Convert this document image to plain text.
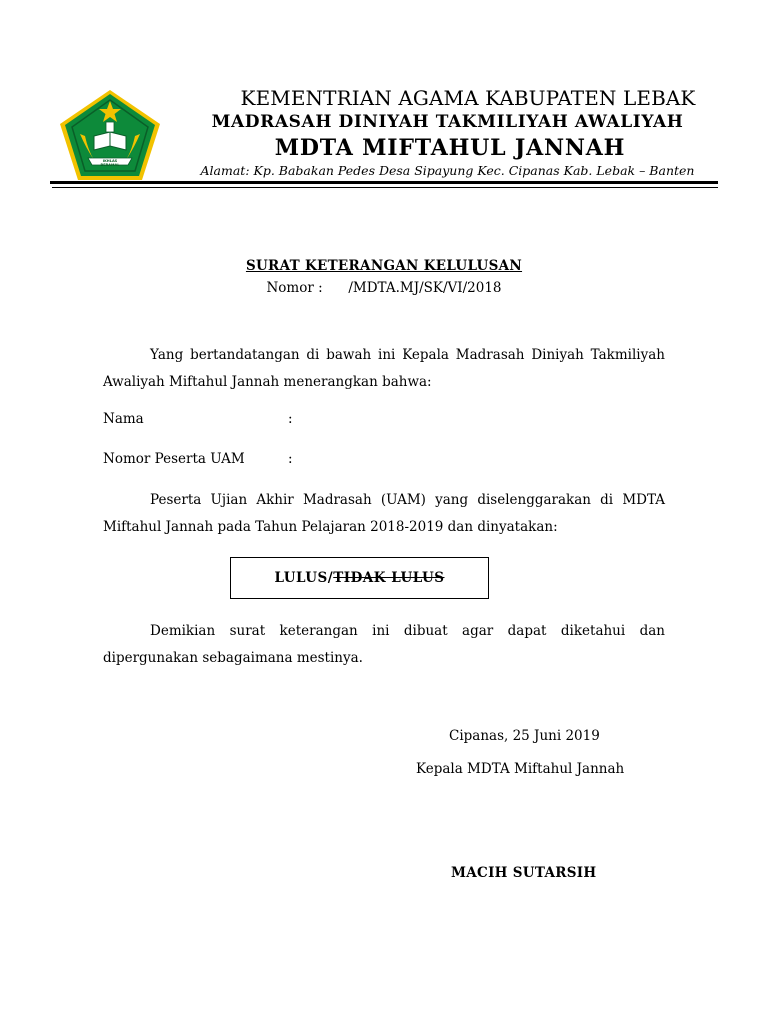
IKHLAS BERAMAL
KEMENTRIAN AGAMA KABUPATEN LEBAK
MADRASAH DINIYAH TAKMILIYAH AWALIYAH
MDTA MIFTAHUL JANNAH
Alamat: Kp. Babakan Pedes Desa Sipayung Kec. Cipanas Kab. Lebak – Banten
SURAT KETERANGAN KELULUSAN
Nomor :      /MDTA.MJ/SK/VI/2018
Yang bertandatangan di bawah ini Kepala Madrasah Diniyah Takmiliyah Awaliyah Miftahul Jannah menerangkan bahwa:
Nama	:
Nomor Peserta UAM	:
Peserta Ujian Akhir Madrasah (UAM) yang diselenggarakan di MDTA Miftahul Jannah pada Tahun Pelajaran 2018-2019 dan dinyatakan:
LULUS/ TIDAK LULUS
Demikian surat keterangan ini dibuat agar dapat diketahui dan dipergunakan sebagaimana mestinya.
Cipanas, 25 Juni 2019
Kepala MDTA Miftahul Jannah
MACIH SUTARSIH
